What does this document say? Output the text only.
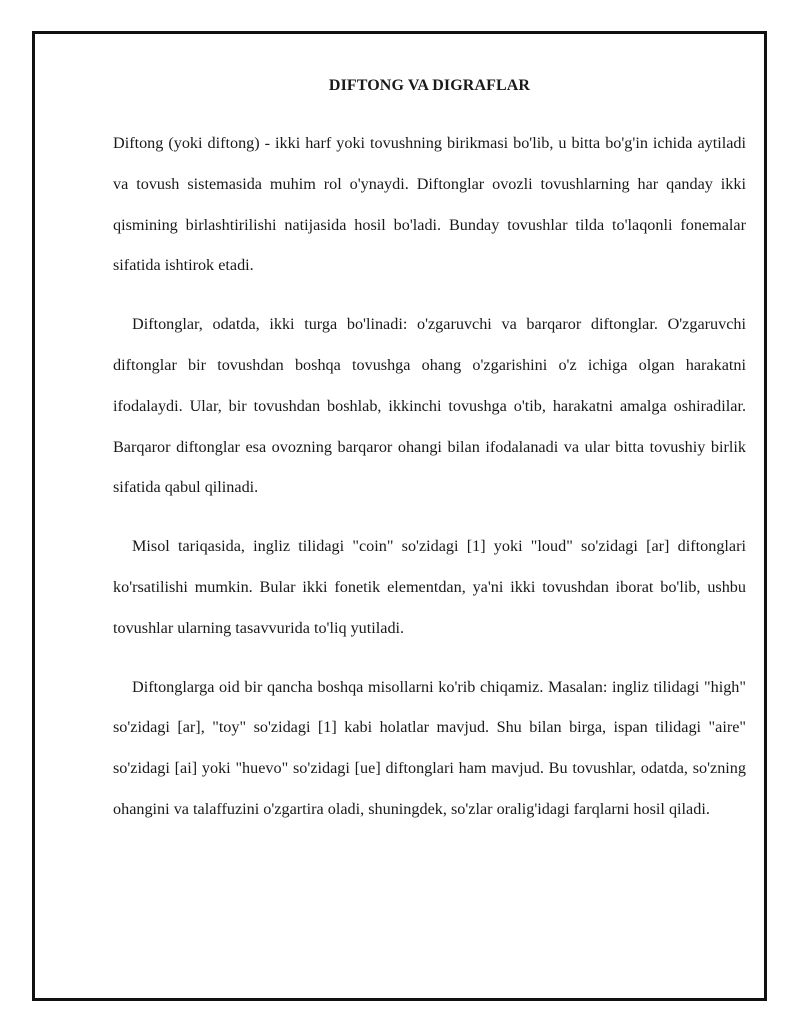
DIFTONG VA DIGRAFLAR

Diftong (yoki diftong) - ikki harf yoki tovushning birikmasi bo'lib, u bitta bo'g'in ichida aytiladi va tovush sistemasida muhim rol o'ynaydi. Diftonglar ovozli tovushlarning har qanday ikki qismining birlashtirilishi natijasida hosil bo'ladi. Bunday tovushlar tilda to'laqonli fonemalar sifatida ishtirok etadi.

Diftonglar, odatda, ikki turga bo'linadi: o'zgaruvchi va barqaror diftonglar. O'zgaruvchi diftonglar bir tovushdan boshqa tovushga ohang o'zgarishini o'z ichiga olgan harakatni ifodalaydi. Ular, bir tovushdan boshlab, ikkinchi tovushga o'tib, harakatni amalga oshiradilar. Barqaror diftonglar esa ovozning barqaror ohangi bilan ifodalanadi va ular bitta tovushiy birlik sifatida qabul qilinadi.

Misol tariqasida, ingliz tilidagi "coin" so'zidagi [1] yoki "loud" so'zidagi [ar] diftonglari ko'rsatilishi mumkin. Bular ikki fonetik elementdan, ya'ni ikki tovushdan iborat bo'lib, ushbu tovushlar ularning tasavvurida to'liq yutiladi.

Diftonglarga oid bir qancha boshqa misollarni ko'rib chiqamiz. Masalan: ingliz tilidagi "high" so'zidagi [ar], "toy" so'zidagi [1] kabi holatlar mavjud. Shu bilan birga, ispan tilidagi "aire" so'zidagi [ai] yoki "huevo" so'zidagi [ue] diftonglari ham mavjud. Bu tovushlar, odatda, so'zning ohangini va talaffuzini o'zgartira oladi, shuningdek, so'zlar oralig'idagi farqlarni hosil qiladi.
